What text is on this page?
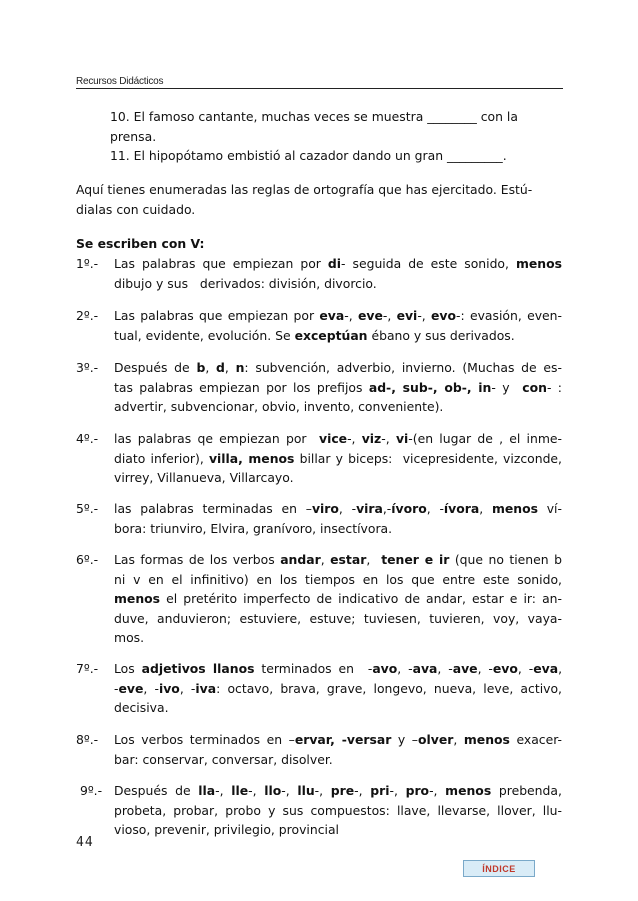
Recursos Didácticos
10. El famoso cantante, muchas veces se muestra ________ con la
prensa.
11. El hipopótamo embistió al cazador dando un gran _________.
Aquí tienes enumeradas las reglas de ortografía que has ejercitado. Estú-
dialas con cuidado.
Se escriben con V:
1º.- Las palabras que empiezan por di- seguida de este sonido, menos
dibujo y sus   derivados: división, divorcio.
2º.- Las palabras que empiezan por eva-, eve-, evi-, evo-: evasión, even-
tual, evidente, evolución. Se exceptúan ébano y sus derivados.
3º.- Después de b, d, n: subvención, adverbio, invierno. (Muchas de es-
tas palabras empiezan por los prefijos ad-, sub-, ob-, in- y  con- :
advertir, subvencionar, obvio, invento, conveniente).
4º.- las palabras qe empiezan por  vice-, viz-, vi-(en lugar de , el inme-
diato inferior), villa, menos billar y biceps:  vicepresidente, vizconde,
virrey, Villanueva, Villarcayo.
5º.- las palabras terminadas en –viro, -vira,-ívoro, -ívora, menos ví-
bora: triunviro, Elvira, granívoro, insectívora.
6º.- Las formas de los verbos andar, estar,  tener e ir (que no tienen b
ni v en el infinitivo) en los tiempos en los que entre este sonido,
menos el pretérito imperfecto de indicativo de andar, estar e ir: an-
duve, anduvieron; estuviere, estuve; tuviesen, tuvieren, voy, vaya-
mos.
7º.- Los adjetivos llanos terminados en  -avo, -ava, -ave, -evo, -eva,
-eve, -ivo, -iva: octavo, brava, grave, longevo, nueva, leve, activo,
decisiva.
8º.- Los verbos terminados en –ervar, -versar y –olver, menos exacer-
bar: conservar, conversar, disolver.
9º.- Después de lla-, lle-, llo-, llu-, pre-, pri-, pro-, menos prebenda,
probeta, probar, probo y sus compuestos: llave, llevarse, llover, llu-
vioso, prevenir, privilegio, provincial
44
ÍNDICE
